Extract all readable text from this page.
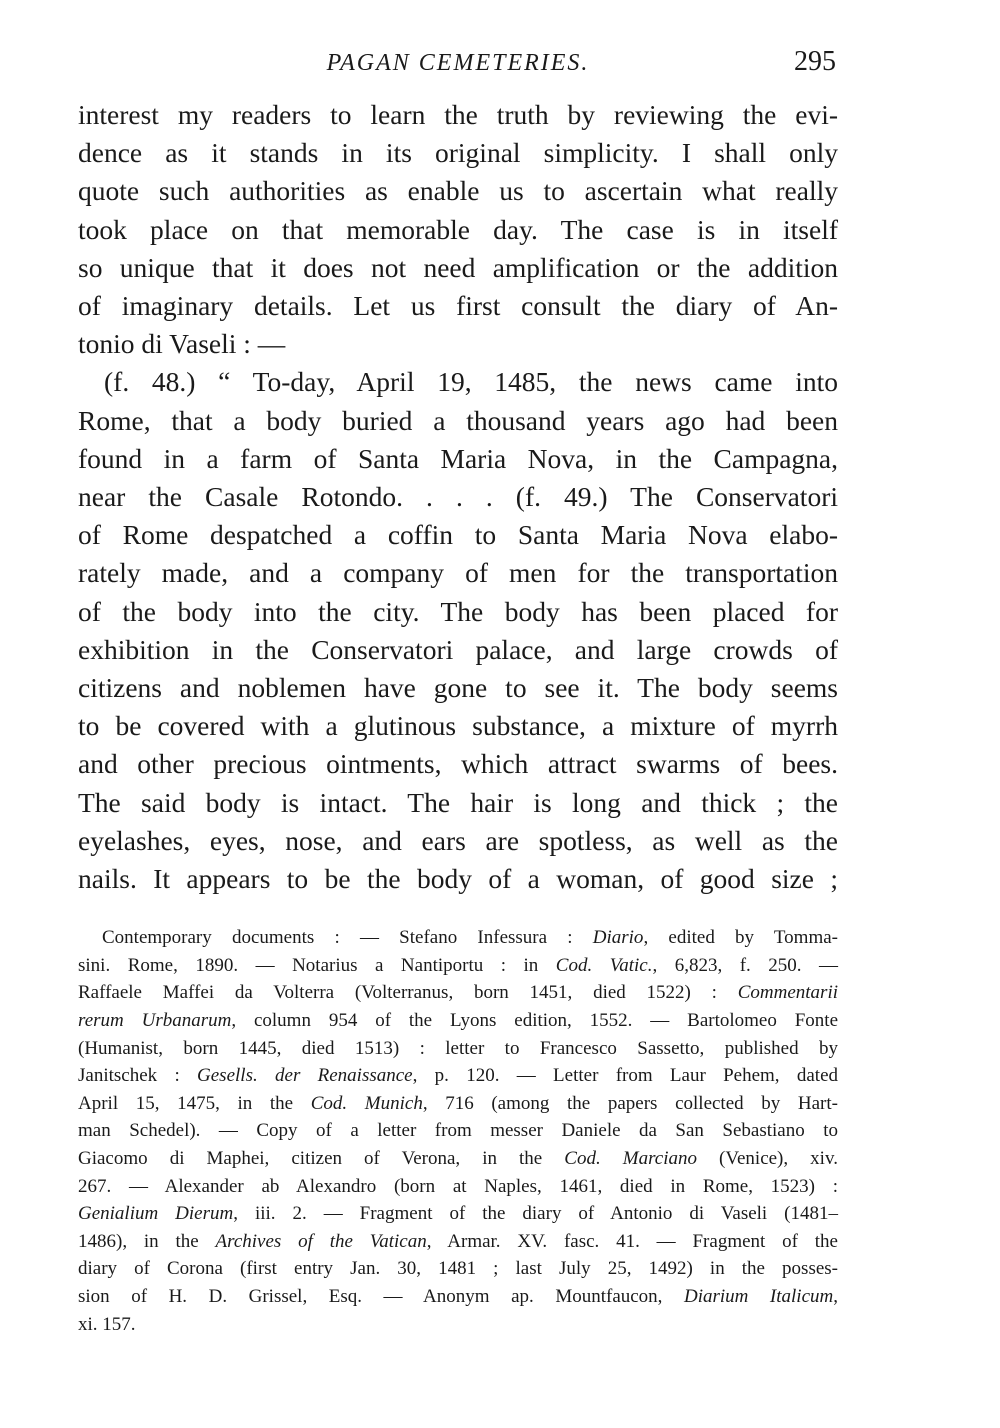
PAGAN CEMETERIES.	295
interest my readers to learn the truth by reviewing the evi-
dence as it stands in its original simplicity. I shall only
quote such authorities as enable us to ascertain what really
took place on that memorable day. The case is in itself
so unique that it does not need amplification or the addition
of imaginary details. Let us first consult the diary of An-
tonio di Vaseli : —
(f. 48.) “ To-day, April 19, 1485, the news came into
Rome, that a body buried a thousand years ago had been
found in a farm of Santa Maria Nova, in the Campagna,
near the Casale Rotondo. . . . (f. 49.) The Conservatori
of Rome despatched a coffin to Santa Maria Nova elabo-
rately made, and a company of men for the transportation
of the body into the city. The body has been placed for
exhibition in the Conservatori palace, and large crowds of
citizens and noblemen have gone to see it. The body seems
to be covered with a glutinous substance, a mixture of myrrh
and other precious ointments, which attract swarms of bees.
The said body is intact. The hair is long and thick ; the
eyelashes, eyes, nose, and ears are spotless, as well as the
nails. It appears to be the body of a woman, of good size ;
Contemporary documents : — Stefano Infessura : Diario, edited by Tomma-
sini. Rome, 1890. — Notarius a Nantiportu : in Cod. Vatic., 6,823, f. 250. —
Raffaele Maffei da Volterra (Volterranus, born 1451, died 1522) : Commentarii
rerum Urbanarum, column 954 of the Lyons edition, 1552. — Bartolomeo Fonte
(Humanist, born 1445, died 1513) : letter to Francesco Sassetto, published by
Janitschek : Gesells. der Renaissance, p. 120. — Letter from Laur Pehem, dated
April 15, 1475, in the Cod. Munich, 716 (among the papers collected by Hart-
man Schedel). — Copy of a letter from messer Daniele da San Sebastiano to
Giacomo di Maphei, citizen of Verona, in the Cod. Marciano (Venice), xiv.
267. — Alexander ab Alexandro (born at Naples, 1461, died in Rome, 1523) :
Genialium Dierum, iii. 2. — Fragment of the diary of Antonio di Vaseli (1481–
1486), in the Archives of the Vatican, Armar. XV. fasc. 41. — Fragment of the
diary of Corona (first entry Jan. 30, 1481 ; last July 25, 1492) in the posses-
sion of H. D. Grissel, Esq. — Anonym ap. Mountfaucon, Diarium Italicum,
xi. 157.
